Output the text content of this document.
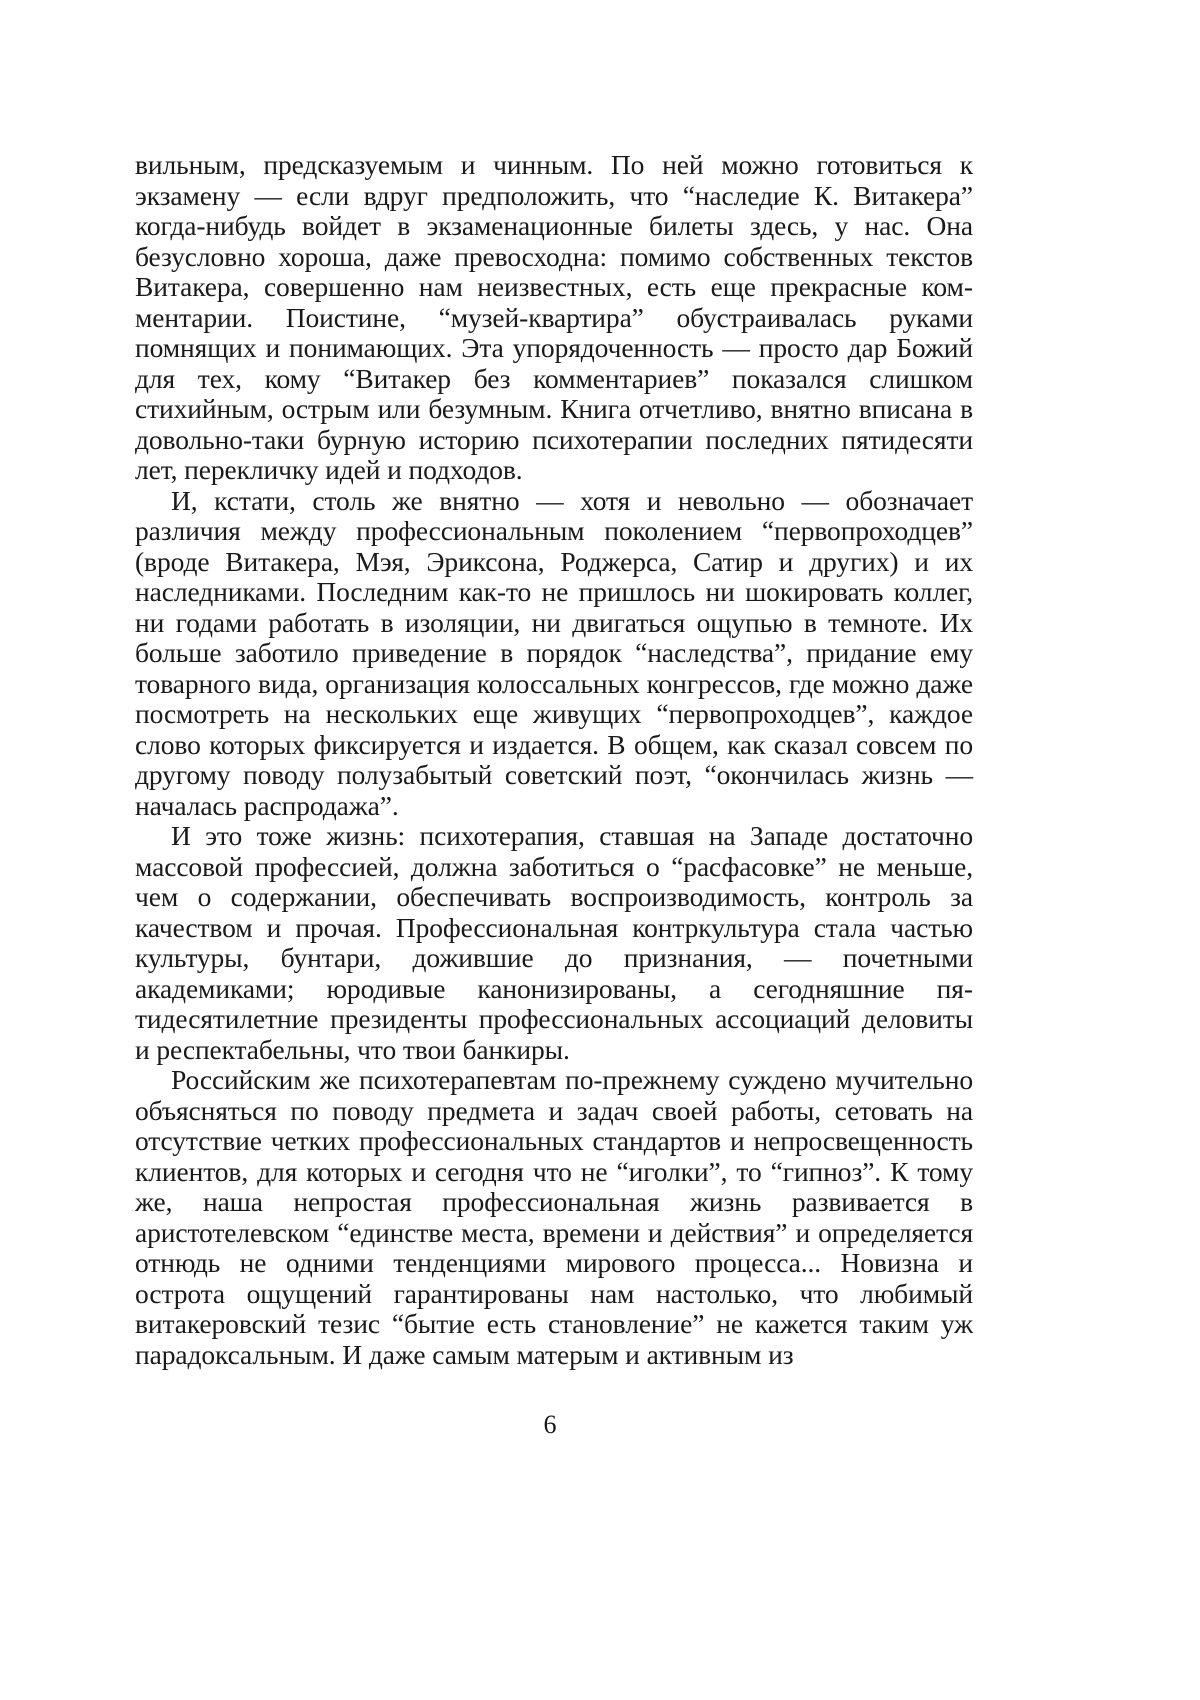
вильным, предсказуемым и чинным. По ней можно готовиться к экзамену — если вдруг предположить, что “наследие К. Витакера” когда-нибудь войдет в экзаменационные билеты здесь, у нас. Она безусловно хороша, даже превосходна: помимо собственных текстов Витакера, совершенно нам неизвестных, есть еще прекрасные ком­ментарии. Поистине, “музей-квартира” обустраивалась руками помнящих и понимающих. Эта упорядоченность — просто дар Бо­жий для тех, кому “Витакер без комментариев” показался слиш­ком стихийным, острым или безумным. Книга отчетливо, внятно вписана в довольно-таки бурную историю психотерапии последних пятидесяти лет, перекличку идей и подходов.

И, кстати, столь же внятно — хотя и невольно — обозначает различия между профессиональным поколением “первопроходцев” (вроде Витакера, Мэя, Эриксона, Роджерса, Сатир и других) и их наследниками. Последним как-то не пришлось ни шокировать коллег, ни годами работать в изоляции, ни двигаться ощупью в темноте. Их больше заботило приведение в порядок “наследства”, придание ему товарного вида, организация колоссальных конгрес­сов, где можно даже посмотреть на нескольких еще живущих “пер­вопроходцев”, каждое слово которых фиксируется и издается. В общем, как сказал совсем по другому поводу полузабытый совет­ский поэт, “окончилась жизнь — началась распродажа”.

И это тоже жизнь: психотерапия, ставшая на Западе достаточно массовой профессией, должна заботиться о “расфасовке” не мень­ше, чем о содержании, обеспечивать воспроизводимость, контроль за качеством и прочая. Профессиональная контркультура стала частью культуры, бунтари, дожившие до признания, — почетны­ми академиками; юродивые канонизированы, а сегодняшние пя­тидесятилетние президенты профессиональных ассоциаций делови­ты и респектабельны, что твои банкиры.

Российским же психотерапевтам по-прежнему суждено мучитель­но объясняться по поводу предмета и задач своей работы, сетовать на отсутствие четких профессиональных стандартов и непросвещен­ность клиентов, для которых и сегодня что не “иголки”, то “гип­ноз”. К тому же, наша непростая профессиональная жизнь разви­вается в аристотелевском “единстве места, времени и действия” и определяется отнюдь не одними тенденциями мирового процесса... Новизна и острота ощущений гарантированы нам настолько, что любимый витакеровский тезис “бытие есть становление” не кажется таким уж парадоксальным. И даже самым матерым и активным из

6
